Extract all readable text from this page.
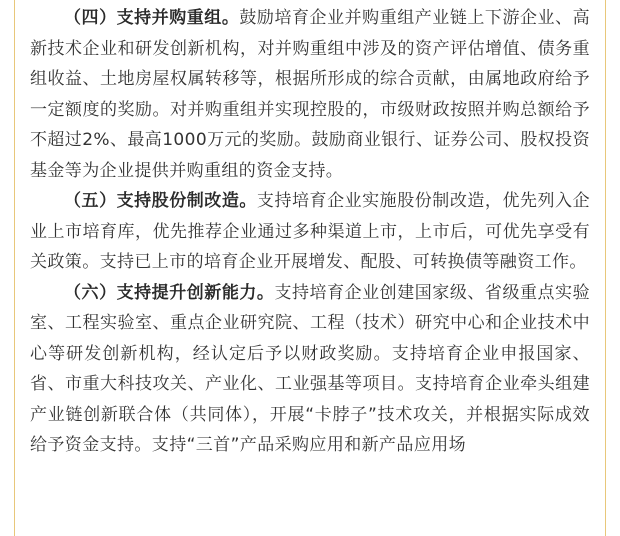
（四）支持并购重组。鼓励培育企业并购重组产业链上下游企业、高新技术企业和研发创新机构，对并购重组中涉及的资产评估增值、债务重组收益、土地房屋权属转移等，根据所形成的综合贡献，由属地政府给予一定额度的奖励。对并购重组并实现控股的，市级财政按照并购总额给予不超过2%、最高1000万元的奖励。鼓励商业银行、证券公司、股权投资基金等为企业提供并购重组的资金支持。

（五）支持股份制改造。支持培育企业实施股份制改造，优先列入企业上市培育库，优先推荐企业通过多种渠道上市，上市后，可优先享受有关政策。支持已上市的培育企业开展增发、配股、可转换债等融资工作。

（六）支持提升创新能力。支持培育企业创建国家级、省级重点实验室、工程实验室、重点企业研究院、工程（技术）研究中心和企业技术中心等研发创新机构，经认定后予以财政奖励。支持培育企业申报国家、省、市重大科技攻关、产业化、工业强基等项目。支持培育企业牵头组建产业链创新联合体（共同体），开展“卡脖子”技术攻关，并根据实际成效给予资金支持。支持“三首”产品采购应用和新产品应用场
